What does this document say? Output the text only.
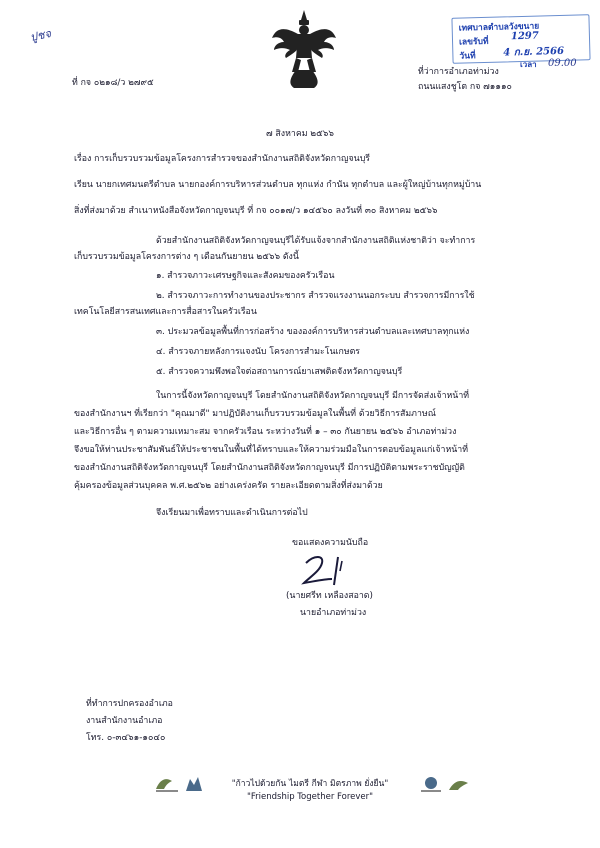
ปูชจ
ที่ กจ ๐๒๑๘/ว ๒๗๙๕
เทศบาลตำบลวังขนาย
เลขรับที่ 1297
วันที่	4 ก.ย. 2566
ที่ว่าการอำเภอท่าม่วง
เวลา 09.00
ถนนแสงชูโต กจ ๗๑๑๑๐
๗ สิงหาคม ๒๕๖๖
เรื่อง การเก็บรวบรวมข้อมูลโครงการสำรวจของสำนักงานสถิติจังหวัดกาญจนบุรี
เรียน นายกเทศมนตรีตำบล นายกองค์การบริหารส่วนตำบล ทุกแห่ง กำนัน ทุกตำบล และผู้ใหญ่บ้านทุกหมู่บ้าน
สิ่งที่ส่งมาด้วย สำเนาหนังสือจังหวัดกาญจนบุรี ที่ กจ ๐๐๑๗/ว ๑๔๕๖๐ ลงวันที่ ๓๐ สิงหาคม ๒๕๖๖
ด้วยสำนักงานสถิติจังหวัดกาญจนบุรีได้รับแจ้งจากสำนักงานสถิติแห่งชาติว่า จะทำการ
เก็บรวบรวมข้อมูลโครงการต่าง ๆ เดือนกันยายน ๒๕๖๖ ดังนี้
๑. สำรวจภาวะเศรษฐกิจและสังคมของครัวเรือน
๒. สำรวจภาวะการทำงานของประชากร สำรวจแรงงานนอกระบบ สำรวจการมีการใช้
เทคโนโลยีสารสนเทศและการสื่อสารในครัวเรือน
๓. ประมวลข้อมูลพื้นที่การก่อสร้าง ขององค์การบริหารส่วนตำบลและเทศบาลทุกแห่ง
๔. สำรวจภายหลังการแจงนับ โครงการสำมะโนเกษตร
๕. สำรวจความพึงพอใจต่อสถานการณ์ยาเสพติดจังหวัดกาญจนบุรี
ในการนี้จังหวัดกาญจนบุรี โดยสำนักงานสถิติจังหวัดกาญจนบุรี มีการจัดส่งเจ้าหน้าที่
ของสำนักงานฯ ที่เรียกว่า "คุณมาดี" มาปฏิบัติงานเก็บรวบรวมข้อมูลในพื้นที่ ด้วยวิธีการสัมภาษณ์
และวิธีการอื่น ๆ ตามความเหมาะสม จากครัวเรือน ระหว่างวันที่ ๑ – ๓๐ กันยายน ๒๕๖๖ อำเภอท่าม่วง
จึงขอให้ท่านประชาสัมพันธ์ให้ประชาชนในพื้นที่ได้ทราบและให้ความร่วมมือในการตอบข้อมูลแก่เจ้าหน้าที่
ของสำนักงานสถิติจังหวัดกาญจนบุรี โดยสำนักงานสถิติจังหวัดกาญจนบุรี มีการปฏิบัติตามพระราชบัญญัติ
คุ้มครองข้อมูลส่วนบุคคล พ.ศ.๒๕๖๒ อย่างเคร่งครัด รายละเอียดตามสิ่งที่ส่งมาด้วย
จึงเรียนมาเพื่อทราบและดำเนินการต่อไป
ขอแสดงความนับถือ
(นายศรีท เหลืองสอาด)
นายอำเภอท่าม่วง
ที่ทำการปกครองอำเภอ
งานสำนักงานอำเภอ
โทร. ๐-๓๔๖๑-๑๐๔๐
"ก้าวไปด้วยกัน ไมตรี กีฬา มิตรภาพ ยั่งยืน"
"Friendship Together Forever"
